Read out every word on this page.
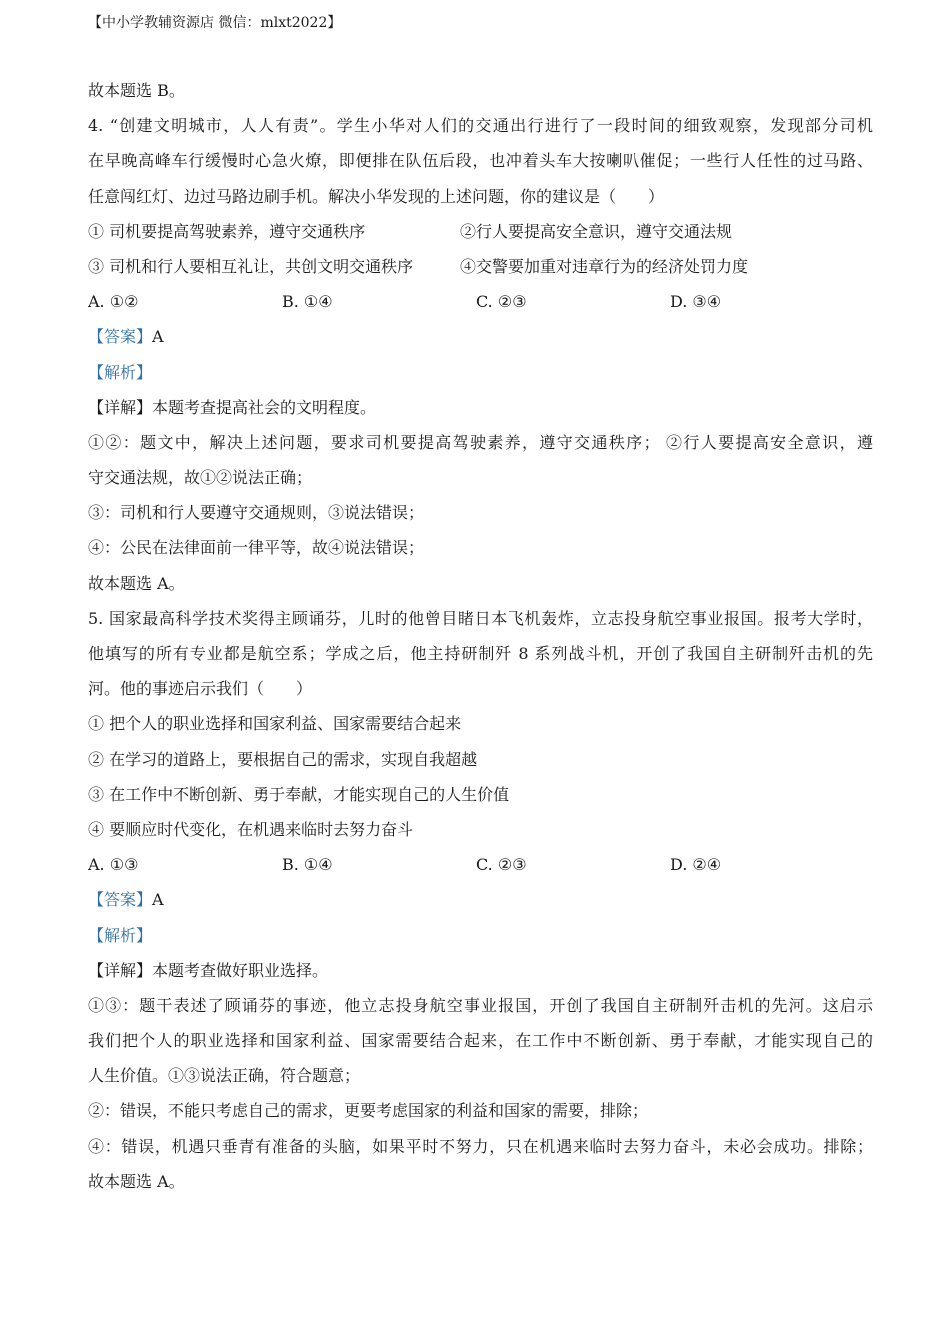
【中小学教辅资源店 微信：mlxt2022】
故本题选 B。
4. “创建文明城市，人人有责”。学生小华对人们的交通出行进行了一段时间的细致观察，发现部分司机
在早晚高峰车行缓慢时心急火燎，即便排在队伍后段，也冲着头车大按喇叭催促；一些行人任性的过马路、
任意闯红灯、边过马路边刷手机。解决小华发现的上述问题，你的建议是（　　）
① 司机要提高驾驶素养，遵守交通秩序	②行人要提高安全意识，遵守交通法规
③ 司机和行人要相互礼让，共创文明交通秩序	④交警要加重对违章行为的经济处罚力度
A. ①②	B. ①④	C. ②③	D. ③④
【答案】A
【解析】
【详解】本题考查提高社会的文明程度。
①②：题文中，解决上述问题，要求司机要提高驾驶素养，遵守交通秩序； ②行人要提高安全意识，遵
守交通法规，故①②说法正确；
③：司机和行人要遵守交通规则，③说法错误；
④：公民在法律面前一律平等，故④说法错误；
故本题选 A。
5. 国家最高科学技术奖得主顾诵芬，儿时的他曾目睹日本飞机轰炸，立志投身航空事业报国。报考大学时，
他填写的所有专业都是航空系；学成之后，他主持研制歼 8 系列战斗机，开创了我国自主研制歼击机的先
河。他的事迹启示我们（　　）
① 把个人的职业选择和国家利益、国家需要结合起来
② 在学习的道路上，要根据自己的需求，实现自我超越
③ 在工作中不断创新、勇于奉献，才能实现自己的人生价值
④ 要顺应时代变化，在机遇来临时去努力奋斗
A. ①③	B. ①④	C. ②③	D. ②④
【答案】A
【解析】
【详解】本题考查做好职业选择。
①③：题干表述了顾诵芬的事迹，他立志投身航空事业报国，开创了我国自主研制歼击机的先河。这启示
我们把个人的职业选择和国家利益、国家需要结合起来，在工作中不断创新、勇于奉献，才能实现自己的
人生价值。①③说法正确，符合题意；
②：错误，不能只考虑自己的需求，更要考虑国家的利益和国家的需要，排除；
④：错误，机遇只垂青有准备的头脑，如果平时不努力，只在机遇来临时去努力奋斗，未必会成功。排除；
故本题选 A。
